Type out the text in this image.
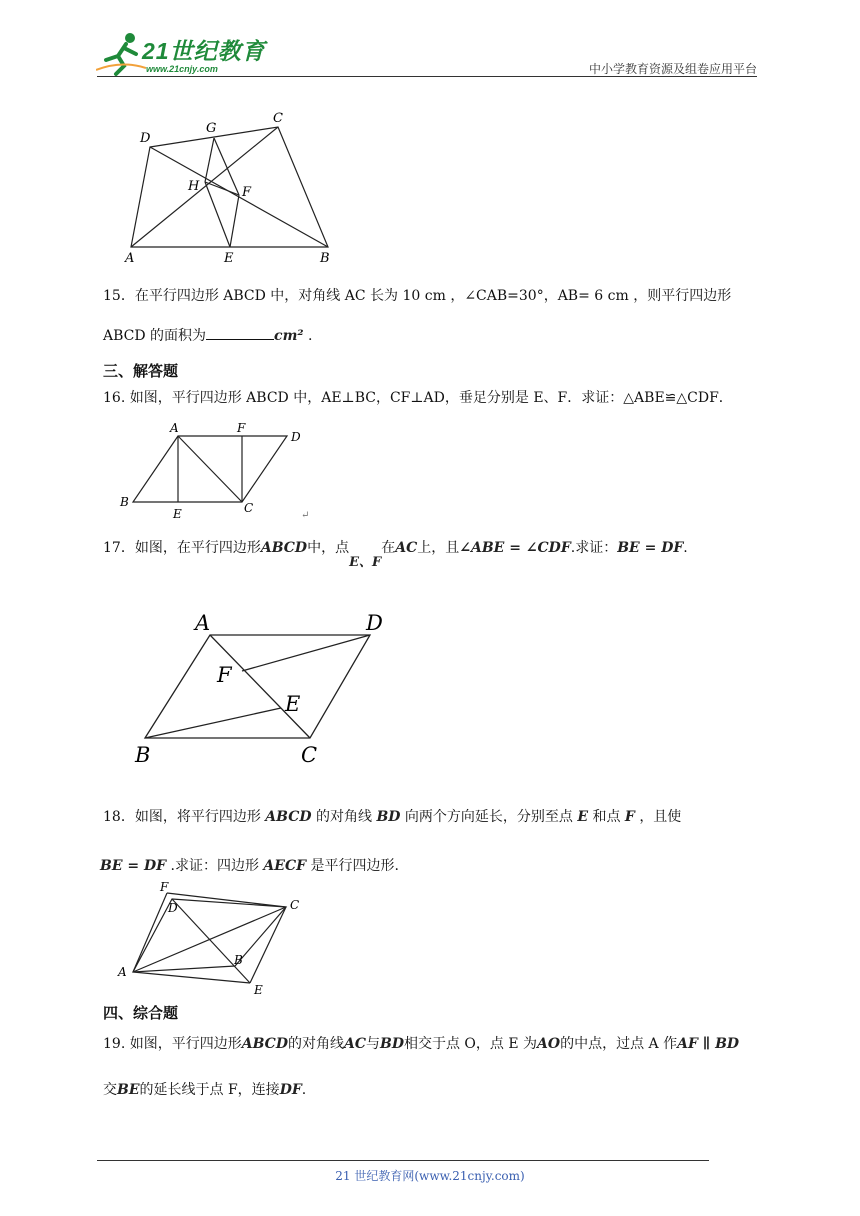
21世纪教育
www.21cnjy.com	中小学教育资源及组卷应用平台
D
G
C
H	F
A	E	B
15．在平行四边形 ABCD 中，对角线 AC 长为 10 cm ，∠CAB=30°，AB= 6 cm ，则平行四边形
ABCD 的面积为	cm² .
三、解答题
16. 如图，平行四边形 ABCD 中，AE⊥BC，CF⊥AD，垂足分别是 E、F．求证：△ABE≌△CDF．
A	F
D
B
E	C
↵
17．如图，在平行四边形ABCD中，点E、F在AC上，且∠ABE = ∠CDF.求证：BE = DF.
A	D
F
E
B	C
18．如图，将平行四边形 ABCD 的对角线 BD 向两个方向延长，分别至点 E 和点 F ，且使
BE = DF .求证：四边形 AECF 是平行四边形.
F
D	C
A
B
E
四、综合题
19. 如图，平行四边形ABCD的对角线AC与BD相交于点 O，点 E 为AO的中点，过点 A 作AF ∥ BD
交BE的延长线于点 F，连接DF.
21 世纪教育网(www.21cnjy.com)
